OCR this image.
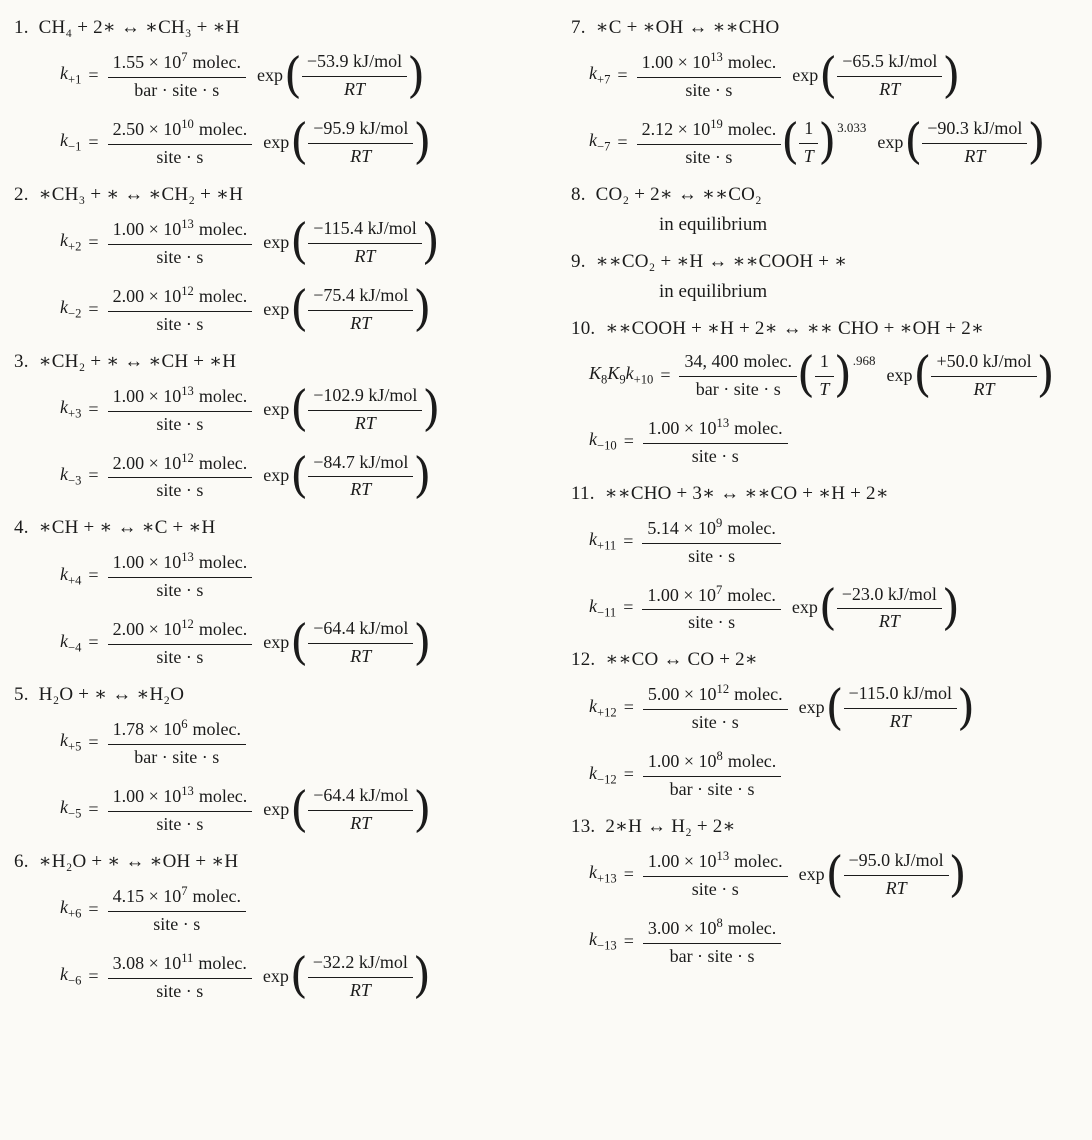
1. CH₄ + 2∗ ↔ ∗CH₃ + ∗H
$k_{+1} = \frac{1.55 \times 10^7 molec.}{\text{bar · site · s}}$ exp ( $\frac{\text{−53.9 kJ/mol}}{RT}$ )
$k_{-1} = \frac{2.50 \times 10^{10} molec.}{\text{site · s}}$ exp ( $\frac{\text{−95.9 kJ/mol}}{RT}$ )
2. ∗CH₃ + ∗ ↔ ∗CH₂ + ∗H
$k_{+2} = \frac{1.00 \times 10^{13} molec.}{\text{site · s}}$ exp ( $\frac{\text{−115.4 kJ/mol}}{RT}$ )
$k_{-2} = \frac{2.00 \times 10^{12} molec.}{\text{site · s}}$ exp ( $\frac{\text{−75.4 kJ/mol}}{RT}$ )
3. ∗CH₂ + ∗ ↔ ∗CH + ∗H
$k_{+3} = \frac{1.00 \times 10^{13} molec.}{\text{site · s}}$ exp ( $\frac{\text{−102.9 kJ/mol}}{RT}$ )
$k_{-3} = \frac{2.00 \times 10^{12} molec.}{\text{site · s}}$ exp ( $\frac{\text{−84.7 kJ/mol}}{RT}$ )
4. ∗CH + ∗ ↔ ∗C + ∗H
$k_{+4} = \frac{1.00 \times 10^{13} molec.}{\text{site · s}}$
$k_{-4} = \frac{2.00 \times 10^{12} molec.}{\text{site · s}}$ exp ( $\frac{\text{−64.4 kJ/mol}}{RT}$ )
5. H₂O + ∗ ↔ ∗H₂O
$k_{+5} = \frac{1.78 \times 10^6 molec.}{\text{bar · site · s}}$
$k_{-5} = \frac{1.00 \times 10^{13} molec.}{\text{site · s}}$ exp ( $\frac{\text{−64.4 kJ/mol}}{RT}$ )
6. ∗H₂O + ∗ ↔ ∗OH + ∗H
$k_{+6} = \frac{4.15 \times 10^7 molec.}{\text{site · s}}$
$k_{-6} = \frac{3.08 \times 10^{11} molec.}{\text{site · s}}$ exp ( $\frac{\text{−32.2 kJ/mol}}{RT}$ )
7. ∗C + ∗OH ↔ ∗∗CHO
$k_{+7} = \frac{1.00 \times 10^{13} molec.}{\text{site · s}}$ exp ( $\frac{\text{−65.5 kJ/mol}}{RT}$ )
$k_{-7} = \frac{2.12 \times 10^{19} molec.}{\text{site · s}}$ ( $\frac{1}{T} )^{3.033}$
exp ( $\frac{\text{−90.3 kJ/mol}}{RT}$ )
8. CO₂ + 2∗ ↔ ∗∗CO₂
in equilibrium
9. ∗∗CO₂ + ∗H ↔ ∗∗COOH + ∗
in equilibrium
10. ∗∗COOH + ∗H + 2∗ ↔ ∗∗ CHO + ∗OH + 2∗
$K_8K_9k_{+10} = \frac{\text{34, 400 molec.}}{\text{bar · site · s}}$ ( $\frac{1}{T} )^{.968}$
exp ( $\frac{\text{+50.0 kJ/mol}}{RT}$ )
$k_{-10} = \frac{1.00 \times 10^{13} molec.}{\text{site · s}}$
11. ∗∗CHO + 3∗ ↔ ∗∗CO + ∗H + 2∗
$k_{+11} = \frac{5.14 \times 10^9 molec.}{\text{site · s}}$
$k_{-11} = \frac{1.00 \times 10^7 molec.}{\text{site · s}}$ exp ( $\frac{\text{−23.0 kJ/mol}}{RT}$ )
12. ∗∗CO ↔ CO + 2∗
$k_{+12} = \frac{5.00 \times 10^{12} molec.}{\text{site · s}}$ exp ( $\frac{\text{−115.0 kJ/mol}}{RT}$ )
$k_{-12} = \frac{1.00 \times 10^8 molec.}{\text{bar · site · s}}$
13. 2∗H ↔ H₂ + 2∗
$k_{+13} = \frac{1.00 \times 10^{13} molec.}{\text{site · s}}$ exp ( $\frac{\text{−95.0 kJ/mol}}{RT}$ )
$k_{-13} = \frac{3.00 \times 10^8 molec.}{\text{bar · site · s}}$
